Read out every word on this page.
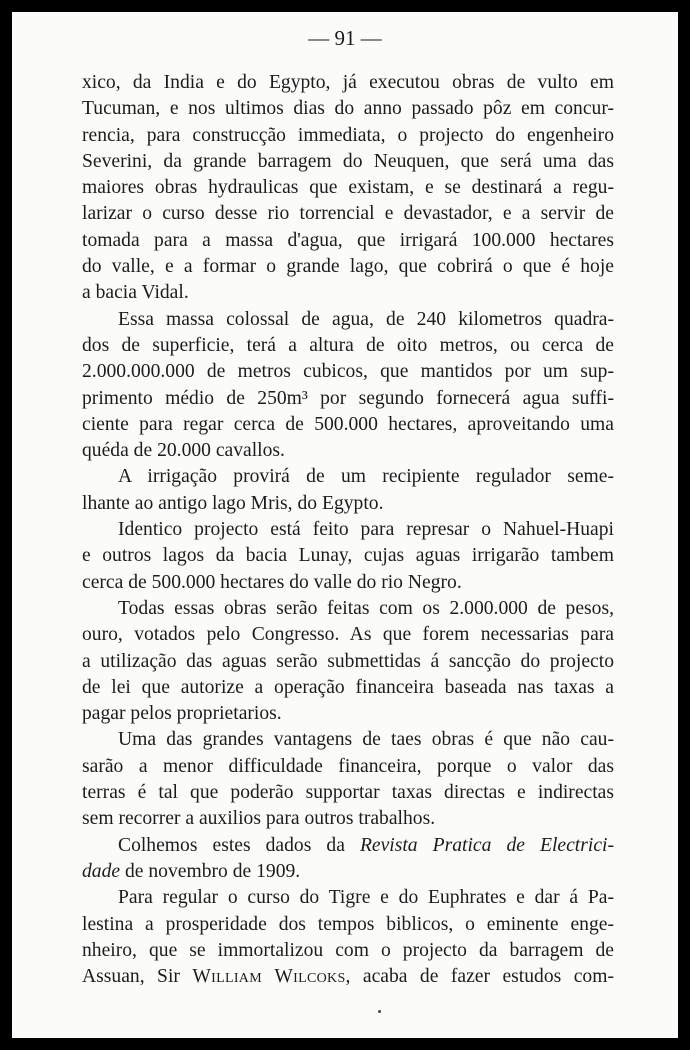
— 91 —

xico, da India e do Egypto, já executou obras de vulto em
Tucuman, e nos ultimos dias do anno passado pôz em concur-
rencia, para construcção immediata, o projecto do engenheiro
Severini, da grande barragem do Neuquen, que será uma das
maiores obras hydraulicas que existam, e se destinará a regu-
larizar o curso desse rio torrencial e devastador, e a servir de
tomada para a massa d'agua, que irrigará 100.000 hectares
do valle, e a formar o grande lago, que cobrirá o que é hoje
a bacia Vidal.

Essa massa colossal de agua, de 240 kilometros quadra-
dos de superficie, terá a altura de oito metros, ou cerca de
2.000.000.000 de metros cubicos, que mantidos por um sup-
primento médio de 250m³ por segundo fornecerá agua suffi-
ciente para regar cerca de 500.000 hectares, aproveitando uma
quéda de 20.000 cavallos.

A irrigação provirá de um recipiente regulador seme-
lhante ao antigo lago Mris, do Egypto.

Identico projecto está feito para represar o Nahuel-Huapi
e outros lagos da bacia Lunay, cujas aguas irrigarão tambem
cerca de 500.000 hectares do valle do rio Negro.

Todas essas obras serão feitas com os 2.000.000 de pesos,
ouro, votados pelo Congresso. As que forem necessarias para
a utilização das aguas serão submettidas á sancção do projecto
de lei que autorize a operação financeira baseada nas taxas a
pagar pelos proprietarios.

Uma das grandes vantagens de taes obras é que não cau-
sarão a menor difficuldade financeira, porque o valor das
terras é tal que poderão supportar taxas directas e indirectas
sem recorrer a auxilios para outros trabalhos.

Colhemos estes dados da Revista Pratica de Electrici-
dade de novembro de 1909.

Para regular o curso do Tigre e do Euphrates e dar á Pa-
lestina a prosperidade dos tempos biblicos, o eminente enge-
nheiro, que se immortalizou com o projecto da barragem de
Assuan, Sir William Wilcoks, acaba de fazer estudos com-
